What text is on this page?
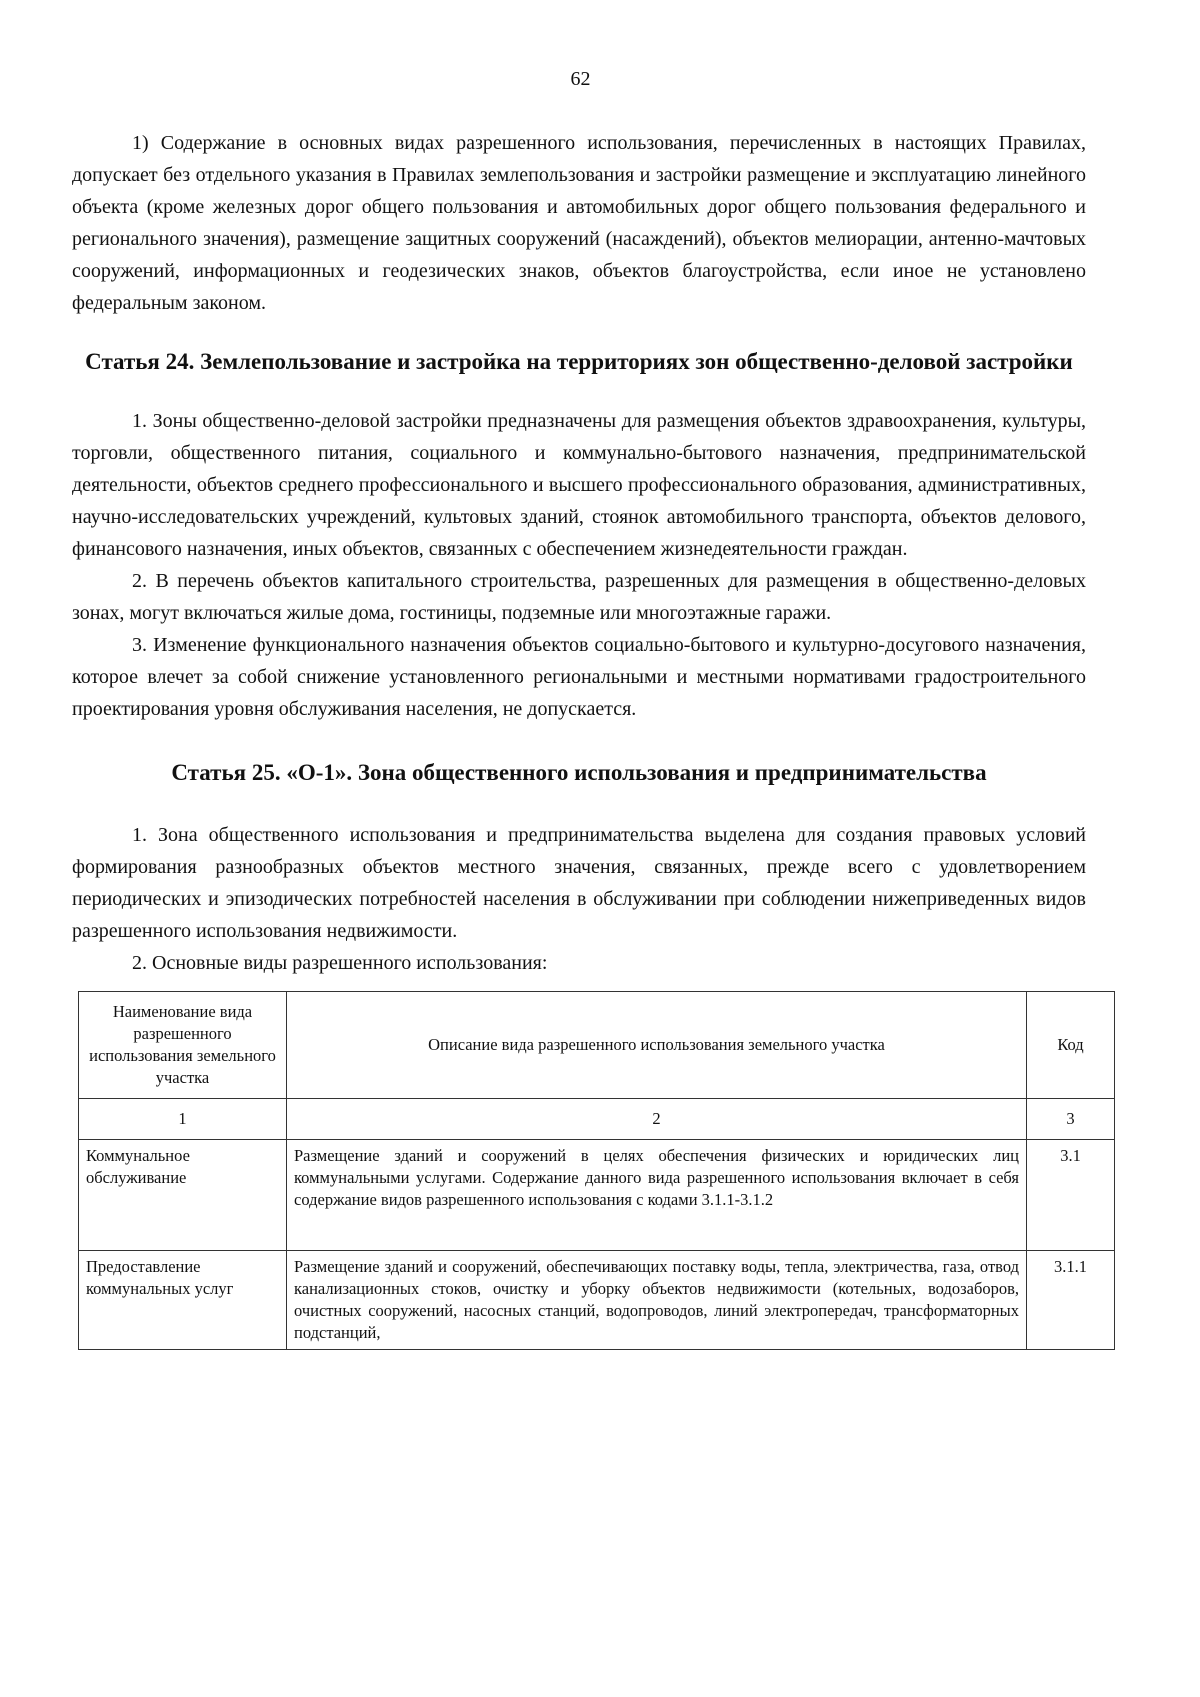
62

1) Содержание в основных видах разрешенного использования, перечисленных в настоящих Правилах, допускает без отдельного указания в Правилах землепользования и застройки размещение и эксплуатацию линейного объекта (кроме железных дорог общего пользования и автомобильных дорог общего пользования федерального и регионального значения), размещение защитных сооружений (насаждений), объектов мелиорации, антенно-мачтовых сооружений, информационных и геодезических знаков, объектов благоустройства, если иное не установлено федеральным законом.

Статья 24. Землепользование и застройка на территориях зон общественно-деловой застройки

1. Зоны общественно-деловой застройки предназначены для размещения объектов здравоохранения, культуры, торговли, общественного питания, социального и коммунально-бытового назначения, предпринимательской деятельности, объектов среднего профессионального и высшего профессионального образования, административных, научно-исследовательских учреждений, культовых зданий, стоянок автомобильного транспорта, объектов делового, финансового назначения, иных объектов, связанных с обеспечением жизнедеятельности граждан.

2. В перечень объектов капитального строительства, разрешенных для размещения в общественно-деловых зонах, могут включаться жилые дома, гостиницы, подземные или многоэтажные гаражи.

3. Изменение функционального назначения объектов социально-бытового и культурно-досугового назначения, которое влечет за собой снижение установленного региональными и местными нормативами градостроительного проектирования уровня обслуживания населения, не допускается.

Статья 25. «О-1». Зона общественного использования и предпринимательства

1. Зона общественного использования и предпринимательства выделена для создания правовых условий формирования разнообразных объектов местного значения, связанных, прежде всего с удовлетворением периодических и эпизодических потребностей населения в обслуживании при соблюдении нижеприведенных видов разрешенного использования недвижимости.

2. Основные виды разрешенного использования:

Наименование вида разрешенного использования земельного участка	Описание вида разрешенного использования земельного участка	Код
1	2	3
Коммунальное обслуживание	Размещение зданий и сооружений в целях обеспечения физических и юридических лиц коммунальными услугами. Содержание данного вида разрешенного использования включает в себя содержание видов разрешенного использования с кодами 3.1.1-3.1.2	3.1
Предоставление коммунальных услуг	Размещение зданий и сооружений, обеспечивающих поставку воды, тепла, электричества, газа, отвод канализационных стоков, очистку и уборку объектов недвижимости (котельных, водозаборов, очистных сооружений, насосных станций, водопроводов, линий электропередач, трансформаторных подстанций,	3.1.1
